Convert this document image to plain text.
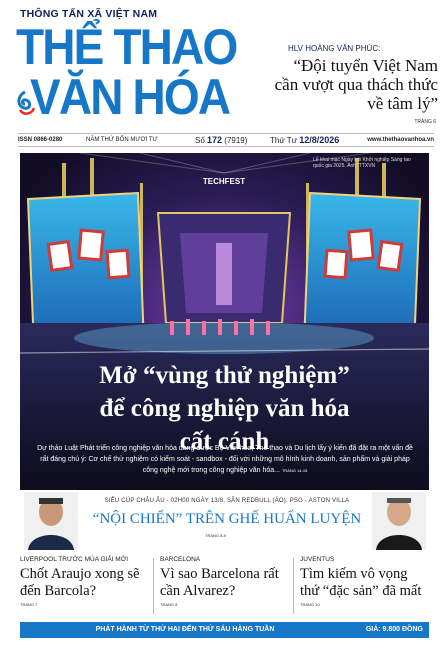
THÔNG TẤN XÃ VIỆT NAM
THỂ THAO
VĂN HÓA
HLV HOÀNG VĂN PHÚC:
“Đội tuyển Việt Nam cần vượt qua thách thức về tâm lý”
TRANG 6
ISSN 0866-0280	NĂM THỨ BỐN MƯƠI TƯ	Số 172 (7919)	Thứ Tư 12/8/2026	www.thethaovanhoa.vn
TECHFEST
Lễ khai mạc Ngày hội Khởi nghiệp Sáng tạo quốc gia 2025. Ảnh: TTXVN
Mở “vùng thử nghiệm”
để công nghiệp văn hóa
cất cánh
Dự thảo Luật Phát triển công nghiệp văn hóa đang được Bộ Văn hóa, Thể thao và Du lịch lấy ý kiến đã đặt ra một vấn đề rất đáng chú ý: Cơ chế thử nghiệm có kiểm soát - sandbox - đối với những mô hình kinh doanh, sản phẩm và giải pháp công nghệ mới trong công nghiệp văn hóa... TRANG 14-15
SIÊU CÚP CHÂU ÂU - 02H00 NGÀY 13/8, SÂN REDBULL (ÁO): PSG - ASTON VILLA
“NỘI CHIẾN” TRÊN GHẾ HUẤN LUYỆN
TRANG 8-9
LIVERPOOL TRƯỚC MÙA GIẢI MỚI
Chốt Araujo xong sẽ đến Barcola?
TRANG 7
BARCELONA
Vì sao Barcelona rất cần Alvarez?
TRANG 8
JUVENTUS
Tìm kiếm vô vọng thứ “đặc sản” đã mất
TRANG 10
PHÁT HÀNH TỪ THỨ HAI ĐẾN THỨ SÁU HÀNG TUẦN	GIÁ: 9.800 ĐỒNG
